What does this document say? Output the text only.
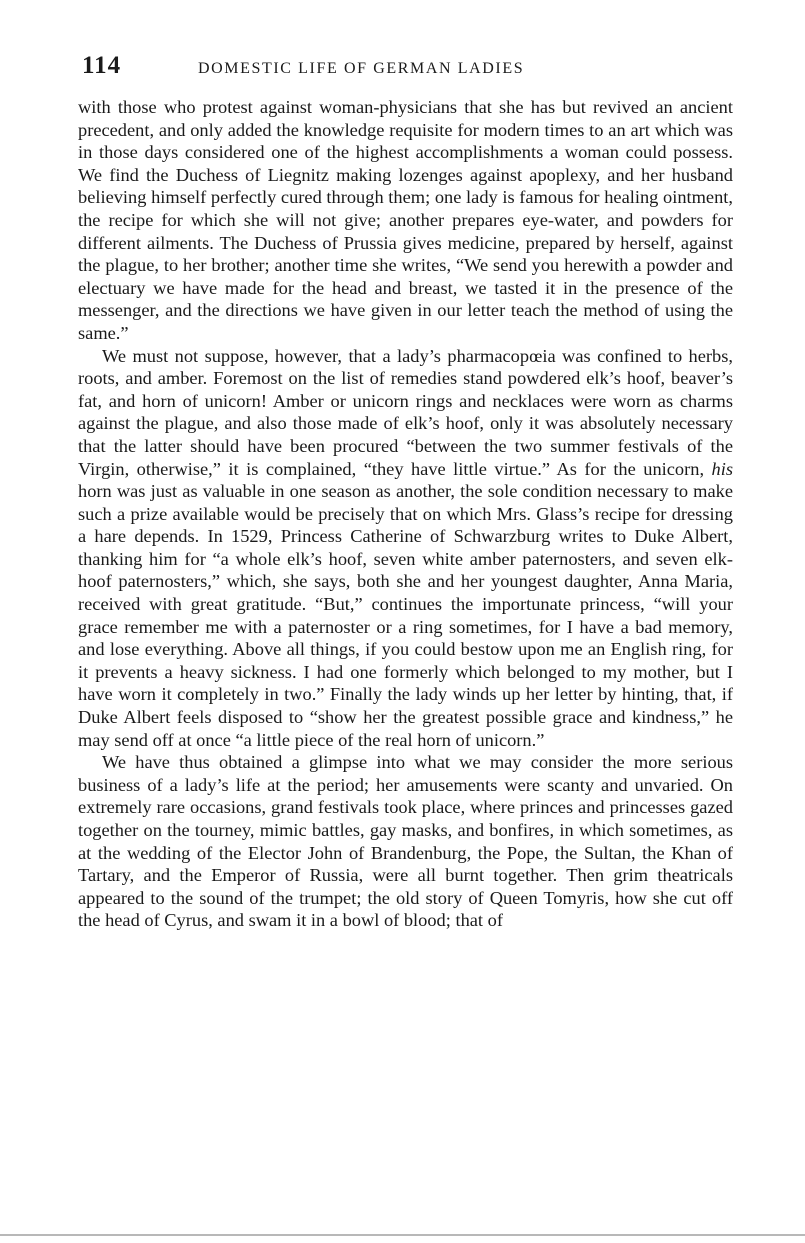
114	DOMESTIC LIFE OF GERMAN LADIES

with those who protest against woman-physicians that she has but revived an ancient precedent, and only added the knowledge requisite for modern times to an art which was in those days considered one of the highest accomplishments a woman could possess. We find the Duchess of Liegnitz making lozenges against apoplexy, and her husband believing himself perfectly cured through them; one lady is famous for healing ointment, the recipe for which she will not give; another prepares eye-water, and powders for different ailments. The Duchess of Prussia gives medicine, prepared by herself, against the plague, to her brother; another time she writes, “We send you herewith a powder and electuary we have made for the head and breast, we tasted it in the presence of the messenger, and the directions we have given in our letter teach the method of using the same.”

We must not suppose, however, that a lady’s pharmacopœia was confined to herbs, roots, and amber. Foremost on the list of remedies stand powdered elk’s hoof, beaver’s fat, and horn of unicorn! Amber or unicorn rings and necklaces were worn as charms against the plague, and also those made of elk’s hoof, only it was absolutely necessary that the latter should have been procured “between the two summer festivals of the Virgin, otherwise,” it is complained, “they have little virtue.” As for the unicorn, his horn was just as valuable in one season as another, the sole condition necessary to make such a prize available would be precisely that on which Mrs. Glass’s recipe for dressing a hare depends. In 1529, Princess Catherine of Schwarzburg writes to Duke Albert, thanking him for “a whole elk’s hoof, seven white amber paternosters, and seven elk-hoof paternosters,” which, she says, both she and her youngest daughter, Anna Maria, received with great gratitude. “But,” continues the importunate princess, “will your grace remember me with a paternoster or a ring sometimes, for I have a bad memory, and lose everything. Above all things, if you could bestow upon me an English ring, for it prevents a heavy sickness. I had one formerly which belonged to my mother, but I have worn it completely in two.” Finally the lady winds up her letter by hinting, that, if Duke Albert feels disposed to “show her the greatest possible grace and kindness,” he may send off at once “a little piece of the real horn of unicorn.”

We have thus obtained a glimpse into what we may consider the more serious business of a lady’s life at the period; her amusements were scanty and unvaried. On extremely rare occasions, grand festivals took place, where princes and princesses gazed together on the tourney, mimic battles, gay masks, and bonfires, in which sometimes, as at the wedding of the Elector John of Brandenburg, the Pope, the Sultan, the Khan of Tartary, and the Emperor of Russia, were all burnt together. Then grim theatricals appeared to the sound of the trumpet; the old story of Queen Tomyris, how she cut off the head of Cyrus, and swam it in a bowl of blood; that of
